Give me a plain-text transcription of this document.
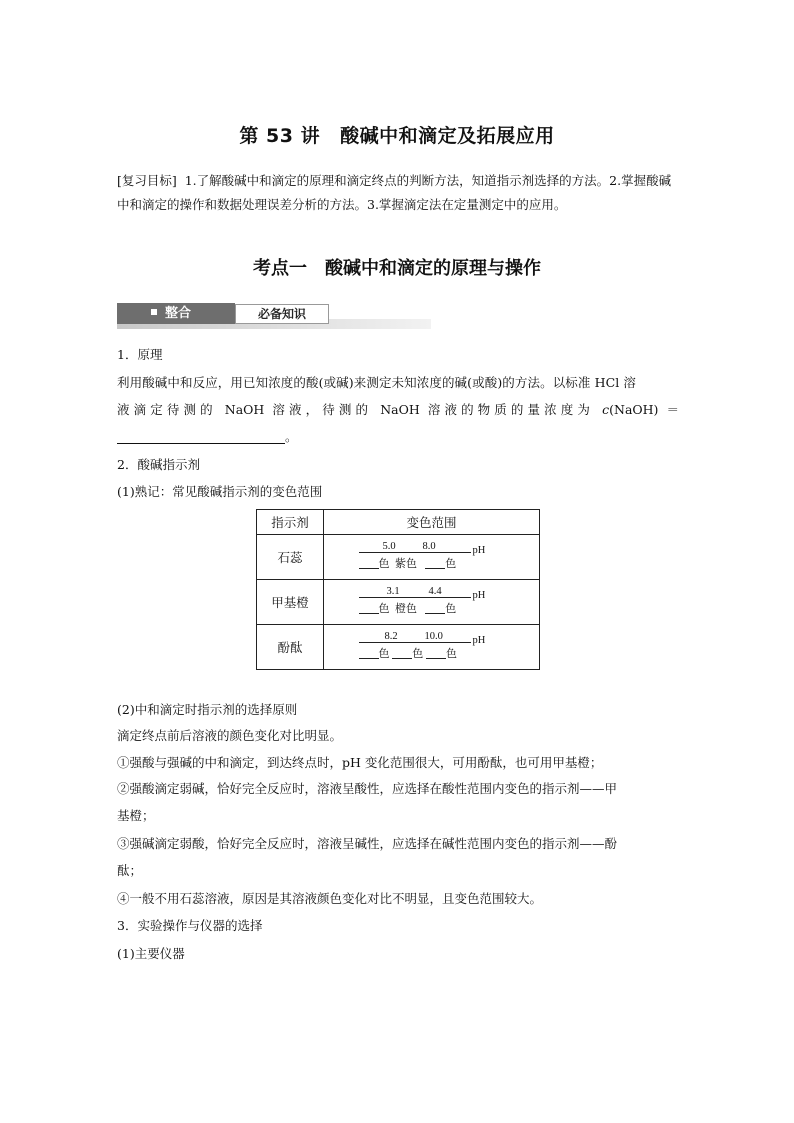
第 53 讲 酸碱中和滴定及拓展应用
[复习目标] 1.了解酸碱中和滴定的原理和滴定终点的判断方法，知道指示剂选择的方法。2.掌握酸碱中和滴定的操作和数据处理误差分析的方法。3.掌握滴定法在定量测定中的应用。
考点一 酸碱中和滴定的原理与操作
整合	必备知识
1．原理
利用酸碱中和反应，用已知浓度的酸(或碱)来测定未知浓度的碱(或酸)的方法。以标准 HCl 溶
液滴定待测的 NaOH 溶液，待测的 NaOH 溶液的物质的量浓度为 c(NaOH) ＝
。
2．酸碱指示剂
(1)熟记：常见酸碱指示剂的变色范围
指示剂	变色范围
石蕊	5.0 8.0 pH
色 紫色 色

甲基橙	3.1 4.4 pH
色 橙色 色

酚酞	8.2 10.0 pH
色 色 色
(2)中和滴定时指示剂的选择原则
滴定终点前后溶液的颜色变化对比明显。
①强酸与强碱的中和滴定，到达终点时，pH 变化范围很大，可用酚酞，也可用甲基橙；
②强酸滴定弱碱，恰好完全反应时，溶液呈酸性，应选择在酸性范围内变色的指示剂——甲
基橙；
③强碱滴定弱酸，恰好完全反应时，溶液呈碱性，应选择在碱性范围内变色的指示剂——酚
酞；
④一般不用石蕊溶液，原因是其溶液颜色变化对比不明显，且变色范围较大。
3．实验操作与仪器的选择
(1)主要仪器
